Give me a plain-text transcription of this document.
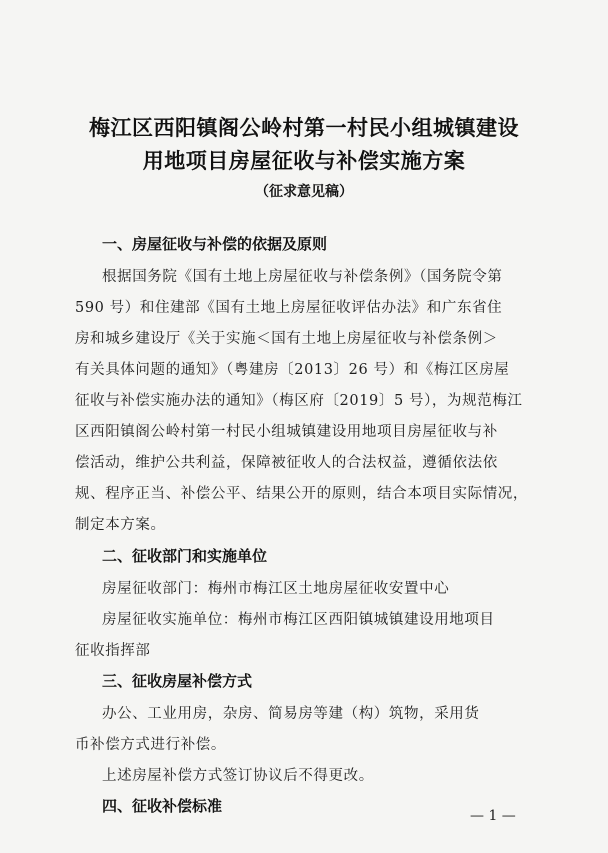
梅江区西阳镇阁公岭村第一村民小组城镇建设
用地项目房屋征收与补偿实施方案
（征求意见稿）
一、房屋征收与补偿的依据及原则
根据国务院《国有土地上房屋征收与补偿条例》（国务院令第
590 号）和住建部《国有土地上房屋征收评估办法》和广东省住
房和城乡建设厅《关于实施＜国有土地上房屋征收与补偿条例＞
有关具体问题的通知》（粤建房〔2013〕26 号）和《梅江区房屋
征收与补偿实施办法的通知》（梅区府〔2019〕5 号），为规范梅江
区西阳镇阁公岭村第一村民小组城镇建设用地项目房屋征收与补
偿活动，维护公共利益，保障被征收人的合法权益，遵循依法依
规、程序正当、补偿公平、结果公开的原则，结合本项目实际情况，
制定本方案。
二、征收部门和实施单位
房屋征收部门：梅州市梅江区土地房屋征收安置中心
房屋征收实施单位：梅州市梅江区西阳镇城镇建设用地项目
征收指挥部
三、征收房屋补偿方式
办公、工业用房，杂房、简易房等建（构）筑物，采用货
币补偿方式进行补偿。
上述房屋补偿方式签订协议后不得更改。
四、征收补偿标准
— 1 —
